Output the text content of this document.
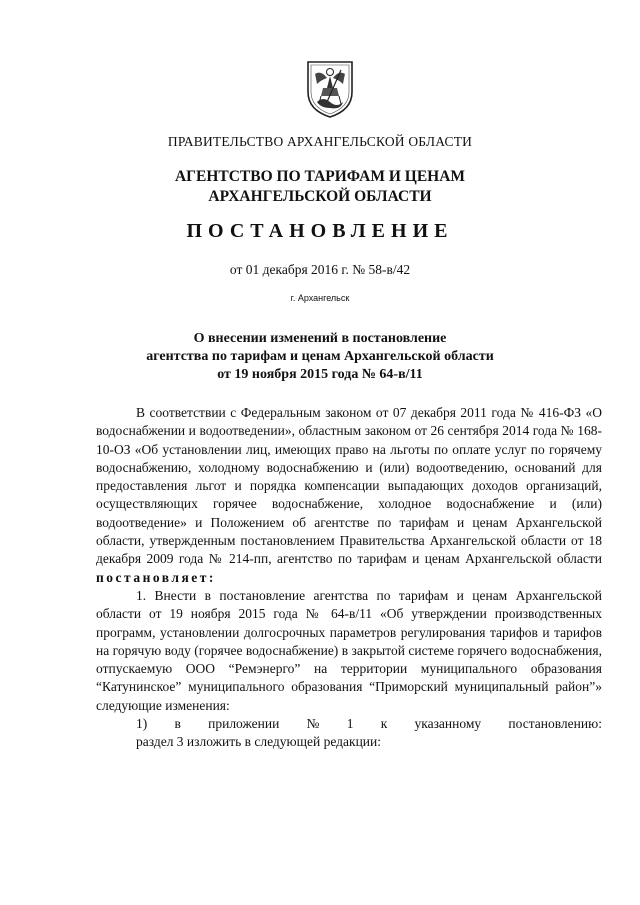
ПРАВИТЕЛЬСТВО АРХАНГЕЛЬСКОЙ ОБЛАСТИ
АГЕНТСТВО ПО ТАРИФАМ И ЦЕНАМ
АРХАНГЕЛЬСКОЙ ОБЛАСТИ
ПОСТАНОВЛЕНИЕ
от 01 декабря 2016 г. № 58-в/42
г. Архангельск
О внесении изменений в постановление
агентства по тарифам и ценам Архангельской области
от 19 ноября 2015 года № 64-в/11

В соответствии с Федеральным законом от 07 декабря 2011 года № 416-ФЗ «О водоснабжении и водоотведении», областным законом от 26 сентября 2014 года № 168-10-ОЗ «Об установлении лиц, имеющих право на льготы по оплате услуг по горячему водоснабжению, холодному водоснабжению и (или) водоотведению, оснований для предоставления льгот и порядка компенсации выпадающих доходов организаций, осуществляющих горячее водоснабжение, холодное водоснабжение и (или) водоотведение» и Положением об агентстве по тарифам и ценам Архангельской области, утвержденным постановлением Правительства Архангельской области от 18 декабря 2009 года № 214-пп, агентство по тарифам и ценам Архангельской области постановляет:

1. Внести в постановление агентства по тарифам и ценам Архангельской области от 19 ноября 2015 года № 64-в/11 «Об утверждении производственных программ, установлении долгосрочных параметров регулирования тарифов и тарифов на горячую воду (горячее водоснабжение) в закрытой системе горячего водоснабжения, отпускаемую ООО “Ремэнерго” на территории муниципального образования “Катунинское” муниципального образования “Приморский муниципальный район”» следующие изменения:

1) в приложении № 1 к указанному постановлению:

раздел 3 изложить в следующей редакции:
